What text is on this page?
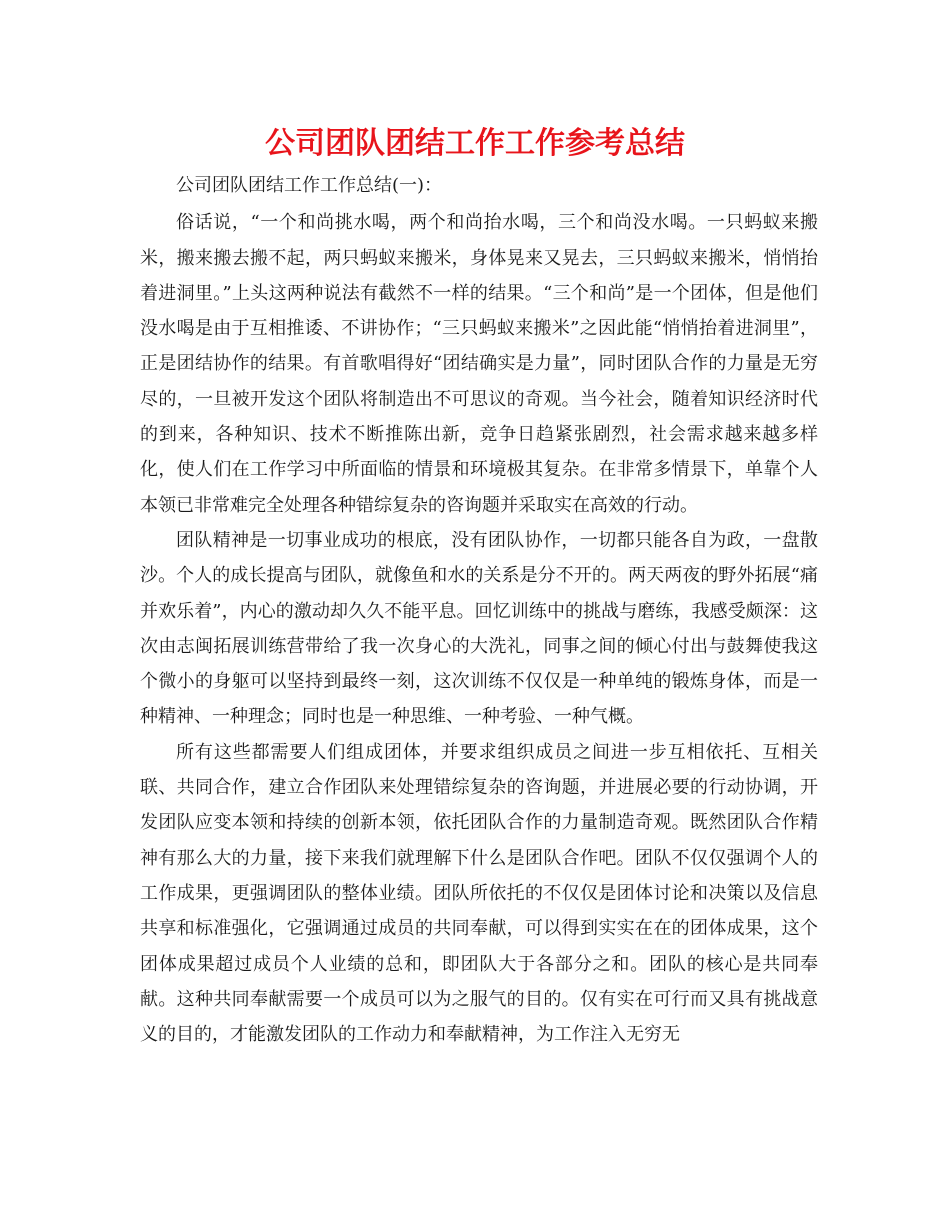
公司团队团结工作工作参考总结

公司团队团结工作工作总结(一)：

俗话说，“一个和尚挑水喝，两个和尚抬水喝，三个和尚没水喝。一只蚂蚁来搬米，搬来搬去搬不起，两只蚂蚁来搬米，身体晃来又晃去，三只蚂蚁来搬米，悄悄抬着进洞里。”上头这两种说法有截然不一样的结果。“三个和尚”是一个团体，但是他们没水喝是由于互相推诿、不讲协作；“三只蚂蚁来搬米”之因此能“悄悄抬着进洞里”，正是团结协作的结果。有首歌唱得好“团结确实是力量”，同时团队合作的力量是无穷尽的，一旦被开发这个团队将制造出不可思议的奇观。当今社会，随着知识经济时代的到来，各种知识、技术不断推陈出新，竞争日趋紧张剧烈，社会需求越来越多样化，使人们在工作学习中所面临的情景和环境极其复杂。在非常多情景下，单靠个人本领已非常难完全处理各种错综复杂的咨询题并采取实在高效的行动。

团队精神是一切事业成功的根底，没有团队协作，一切都只能各自为政，一盘散沙。个人的成长提高与团队，就像鱼和水的关系是分不开的。两天两夜的野外拓展“痛并欢乐着”，内心的激动却久久不能平息。回忆训练中的挑战与磨练，我感受颇深：这次由志闽拓展训练营带给了我一次身心的大洗礼，同事之间的倾心付出与鼓舞使我这个微小的身躯可以坚持到最终一刻，这次训练不仅仅是一种单纯的锻炼身体，而是一种精神、一种理念；同时也是一种思维、一种考验、一种气概。

所有这些都需要人们组成团体，并要求组织成员之间进一步互相依托、互相关联、共同合作，建立合作团队来处理错综复杂的咨询题，并进展必要的行动协调，开发团队应变本领和持续的创新本领，依托团队合作的力量制造奇观。既然团队合作精神有那么大的力量，接下来我们就理解下什么是团队合作吧。团队不仅仅强调个人的工作成果，更强调团队的整体业绩。团队所依托的不仅仅是团体讨论和决策以及信息共享和标准强化，它强调通过成员的共同奉献，可以得到实实在在的团体成果，这个团体成果超过成员个人业绩的总和，即团队大于各部分之和。团队的核心是共同奉献。这种共同奉献需要一个成员可以为之服气的目的。仅有实在可行而又具有挑战意义的目的，才能激发团队的工作动力和奉献精神，为工作注入无穷无
